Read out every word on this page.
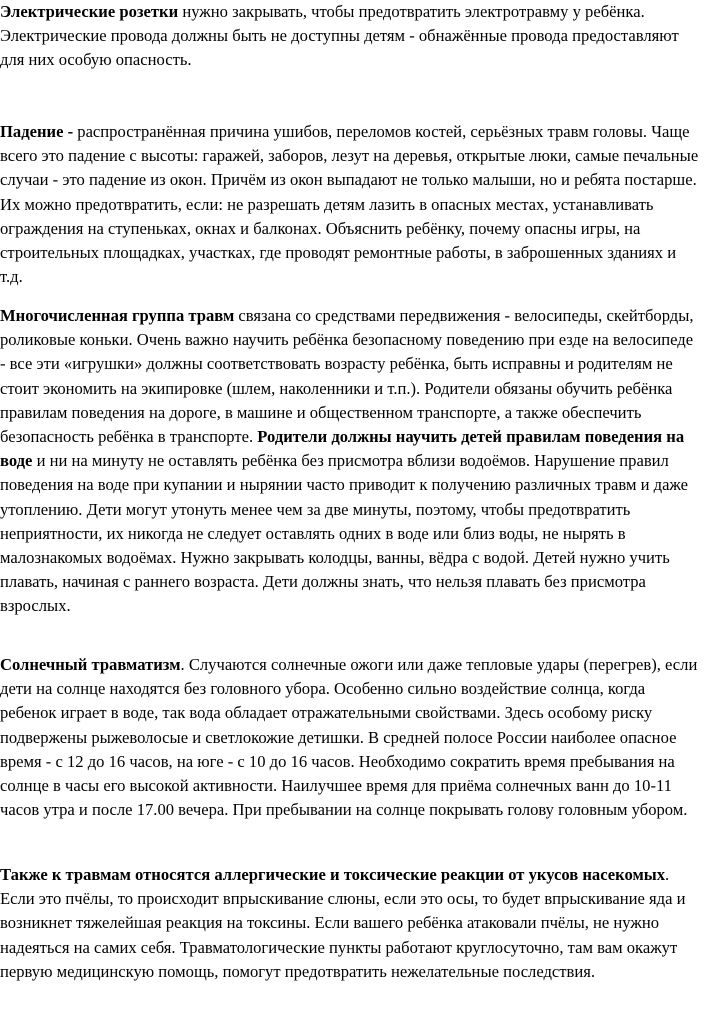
Электрические розетки нужно закрывать, чтобы предотвратить электротравму у ребёнка. Электрические провода должны быть не доступны детям - обнажённые провода предоставляют для них особую опасность.

Падение - распространённая причина ушибов, переломов костей, серьёзных травм головы. Чаще всего это падение с высоты: гаражей, заборов, лезут на деревья, открытые люки, самые печальные случаи - это падение из окон. Причём из окон выпадают не только малыши, но и ребята постарше. Их можно предотвратить, если: не разрешать детям лазить в опасных местах, устанавливать ограждения на ступеньках, окнах и балконах. Объяснить ребёнку, почему опасны игры, на строительных площадках, участках, где проводят ремонтные работы, в заброшенных зданиях и т.д.

Многочисленная группа травм связана со средствами передвижения - велосипеды, скейтборды, роликовые коньки. Очень важно научить ребёнка безопасному поведению при езде на велосипеде - все эти «игрушки» должны соответствовать возрасту ребёнка, быть исправны и родителям не стоит экономить на экипировке (шлем, наколенники и т.п.). Родители обязаны обучить ребёнка правилам поведения на дороге, в машине и общественном транспорте, а также обеспечить безопасность ребёнка в транспорте. Родители должны научить детей правилам поведения на воде и ни на минуту не оставлять ребёнка без присмотра вблизи водоёмов. Нарушение правил поведения на воде при купании и нырянии часто приводит к получению различных травм и даже утоплению. Дети могут утонуть менее чем за две минуты, поэтому, чтобы предотвратить неприятности, их никогда не следует оставлять одних в воде или близ воды, не нырять в малознакомых водоёмах. Нужно закрывать колодцы, ванны, вёдра с водой. Детей нужно учить плавать, начиная с раннего возраста. Дети должны знать, что нельзя плавать без присмотра взрослых.

Солнечный травматизм. Случаются солнечные ожоги или даже тепловые удары (перегрев), если дети на солнце находятся без головного убора. Особенно сильно воздействие солнца, когда ребенок играет в воде, так вода обладает отражательными свойствами. Здесь особому риску подвержены рыжеволосые и светлокожие детишки. В средней полосе России наиболее опасное время - с 12 до 16 часов, на юге - с 10 до 16 часов. Необходимо сократить время пребывания на солнце в часы его высокой активности. Наилучшее время для приёма солнечных ванн до 10-11 часов утра и после 17.00 вечера. При пребывании на солнце покрывать голову головным убором.

Также к травмам относятся аллергические и токсические реакции от укусов насекомых. Если это пчёлы, то происходит впрыскивание слюны, если это осы, то будет впрыскивание яда и возникнет тяжелейшая реакция на токсины. Если вашего ребёнка атаковали пчёлы, не нужно надеяться на самих себя. Травматологические пункты работают круглосуточно, там вам окажут первую медицинскую помощь, помогут предотвратить нежелательные последствия.
